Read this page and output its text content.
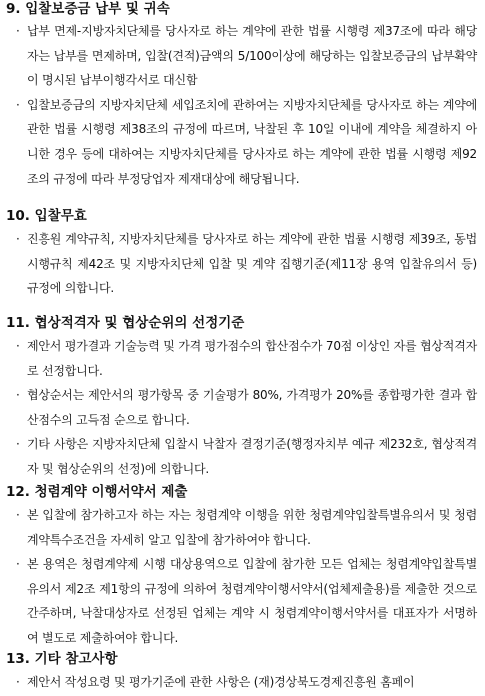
9. 입찰보증금 납부 및 귀속
· 납부 면제-지방자치단체를 당사자로 하는 계약에 관한 법률 시행령 제37조에 따라 해당자는 납부를 면제하며, 입찰(견적)금액의 5/100이상에 해당하는 입찰보증금의 납부확약이 명시된 납부이행각서로 대신함
· 입찰보증금의 지방자치단체 세입조치에 관하여는 지방자치단체를 당사자로 하는 계약에 관한 법률 시행령 제38조의 규정에 따르며, 낙찰된 후 10일 이내에 계약을 체결하지 아니한 경우 등에 대하여는 지방자치단체를 당사자로 하는 계약에 관한 법률 시행령 제92조의 규정에 따라 부정당업자 제재대상에 해당됩니다.
10. 입찰무효
· 진흥원 계약규칙, 지방자치단체를 당사자로 하는 계약에 관한 법률 시행령 제39조, 동법 시행규칙 제42조 및 지방자치단체 입찰 및 계약 집행기준(제11장 용역 입찰유의서 등) 규정에 의합니다.
11. 협상적격자 및 협상순위의 선정기준
· 제안서 평가결과 기술능력 및 가격 평가점수의 합산점수가 70점 이상인 자를 협상적격자로 선정합니다.
· 협상순서는 제안서의 평가항목 중 기술평가 80%, 가격평가 20%를 종합평가한 결과 합산점수의 고득점 순으로 합니다.
· 기타 사항은 지방자치단체 입찰시 낙찰자 결정기준(행정자치부 예규 제232호, 협상적격자 및 협상순위의 선정)에 의합니다.
12. 청렴계약 이행서약서 제출
· 본 입찰에 참가하고자 하는 자는 청렴계약 이행을 위한 청렴계약입찰특별유의서 및 청렴계약특수조건을 자세히 알고 입찰에 참가하여야 합니다.
· 본 용역은 청렴계약제 시행 대상용역으로 입찰에 참가한 모든 업체는 청렴계약입찰특별유의서 제2조 제1항의 규정에 의하여 청렴계약이행서약서(업체제출용)를 제출한 것으로 간주하며, 낙찰대상자로 선정된 업체는 계약 시 청렴계약이행서약서를 대표자가 서명하여 별도로 제출하여야 합니다.
13. 기타 참고사항
· 제안서 작성요령 및 평가기준에 관한 사항은 (재)경상북도경제진흥원 홈페이
